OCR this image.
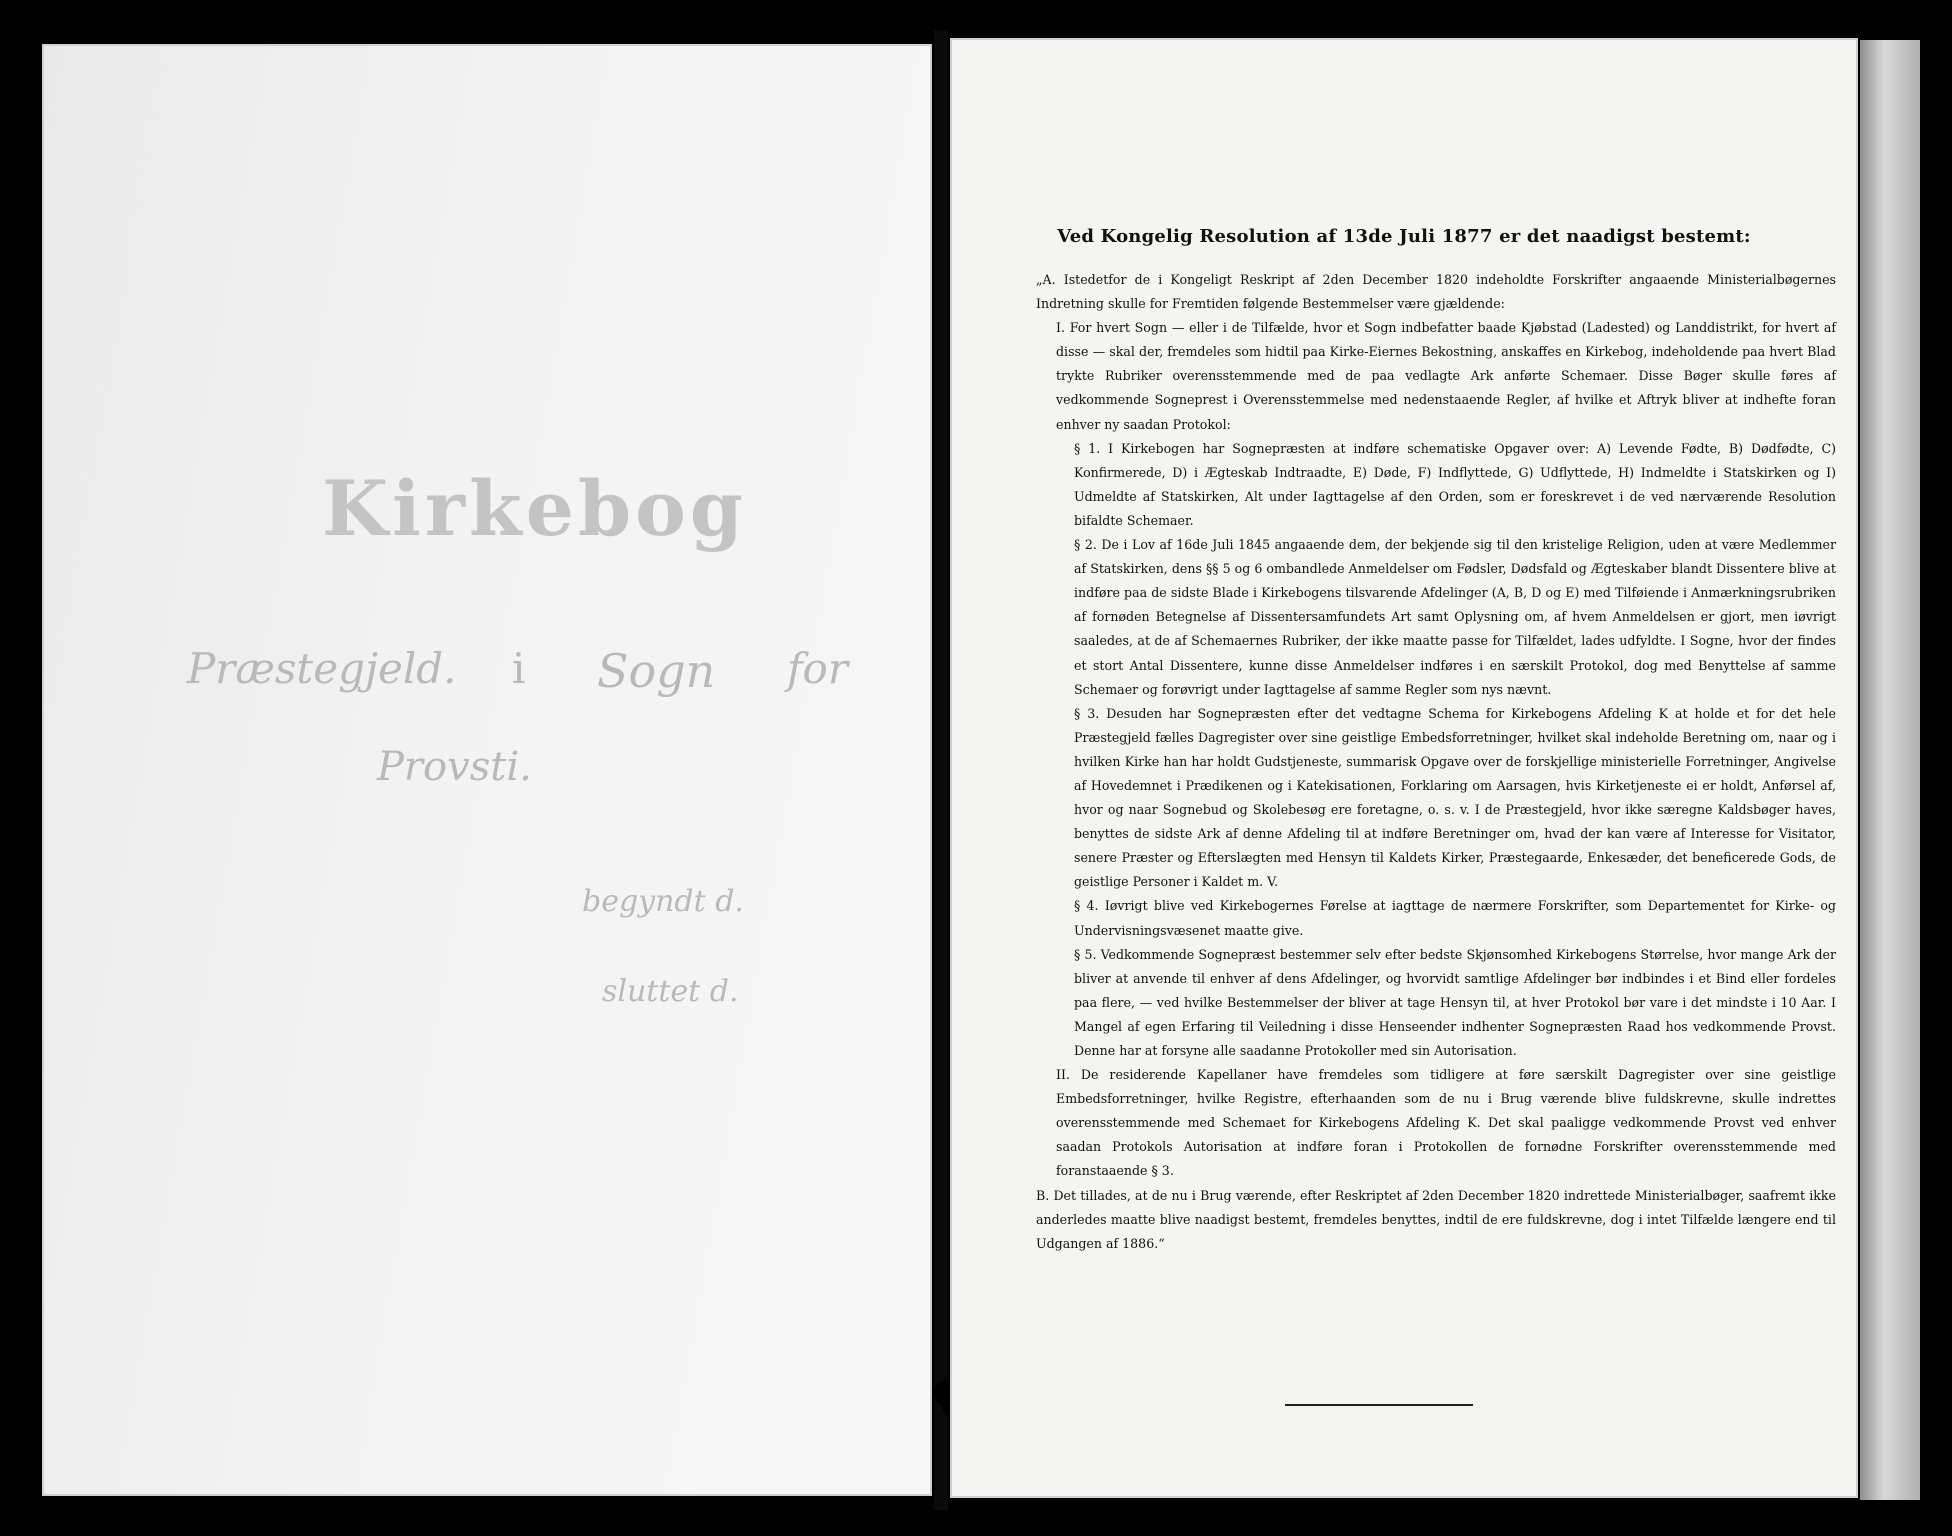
Kirkebog
Præstegjeld. i Sogn for
Provsti.
begyndt d.
sluttet d.
Ved Kongelig Resolution af 13de Juli 1877 er det naadigst bestemt:

„A. Istedetfor de i Kongeligt Reskript af 2den December 1820 indeholdte Forskrifter angaaende Ministerialbøgernes Indretning skulle for Fremtiden følgende Bestemmelser være gjældende:

I. For hvert Sogn — eller i de Tilfælde, hvor et Sogn indbefatter baade Kjøbstad (Ladested) og Landdistrikt, for hvert af disse — skal der, fremdeles som hidtil paa Kirke-Eiernes Bekostning, anskaffes en Kirkebog, indeholdende paa hvert Blad trykte Rubriker overensstemmende med de paa vedlagte Ark anførte Schemaer. Disse Bøger skulle føres af vedkommende Sogneprest i Overensstemmelse med nedenstaaende Regler, af hvilke et Aftryk bliver at indhefte foran enhver ny saadan Protokol:

§ 1. I Kirkebogen har Sognepræsten at indføre schematiske Opgaver over: A) Levende Fødte, B) Dødfødte, C) Konfirmerede, D) i Ægteskab Indtraadte, E) Døde, F) Indflyttede, G) Udflyttede, H) Indmeldte i Statskirken og I) Udmeldte af Statskirken, Alt under Iagttagelse af den Orden, som er foreskrevet i de ved nærværende Resolution bifaldte Schemaer.

§ 2. De i Lov af 16de Juli 1845 angaaende dem, der bekjende sig til den kristelige Religion, uden at være Medlemmer af Statskirken, dens §§ 5 og 6 ombandlede Anmeldelser om Fødsler, Dødsfald og Ægteskaber blandt Dissentere blive at indføre paa de sidste Blade i Kirkebogens tilsvarende Afdelinger (A, B, D og E) med Tilføiende i Anmærkningsrubriken af fornøden Betegnelse af Dissentersamfundets Art samt Oplysning om, af hvem Anmeldelsen er gjort, men iøvrigt saaledes, at de af Schemaernes Rubriker, der ikke maatte passe for Tilfældet, lades udfyldte. I Sogne, hvor der findes et stort Antal Dissentere, kunne disse Anmeldelser indføres i en særskilt Protokol, dog med Benyttelse af samme Schemaer og forøvrigt under Iagttagelse af samme Regler som nys nævnt.

§ 3. Desuden har Sognepræsten efter det vedtagne Schema for Kirkebogens Afdeling K at holde et for det hele Præstegjeld fælles Dagregister over sine geistlige Embedsforretninger, hvilket skal indeholde Beretning om, naar og i hvilken Kirke han har holdt Gudstjeneste, summarisk Opgave over de forskjellige ministerielle Forretninger, Angivelse af Hovedemnet i Prædikenen og i Katekisationen, Forklaring om Aarsagen, hvis Kirketjeneste ei er holdt, Anførsel af, hvor og naar Sognebud og Skolebesøg ere foretagne, o. s. v. I de Præstegjeld, hvor ikke særegne Kaldsbøger haves, benyttes de sidste Ark af denne Afdeling til at indføre Beretninger om, hvad der kan være af Interesse for Visitator, senere Præster og Efterslægten med Hensyn til Kaldets Kirker, Præstegaarde, Enkesæder, det beneficerede Gods, de geistlige Personer i Kaldet m. V.

§ 4. Iøvrigt blive ved Kirkebogernes Førelse at iagttage de nærmere Forskrifter, som Departementet for Kirke- og Undervisningsvæsenet maatte give.

§ 5. Vedkommende Sognepræst bestemmer selv efter bedste Skjønsomhed Kirkebogens Størrelse, hvor mange Ark der bliver at anvende til enhver af dens Afdelinger, og hvorvidt samtlige Afdelinger bør indbindes i et Bind eller fordeles paa flere, — ved hvilke Bestemmelser der bliver at tage Hensyn til, at hver Protokol bør vare i det mindste i 10 Aar. I Mangel af egen Erfaring til Veiledning i disse Henseender indhenter Sognepræsten Raad hos vedkommende Provst. Denne har at forsyne alle saadanne Protokoller med sin Autorisation.

II. De residerende Kapellaner have fremdeles som tidligere at føre særskilt Dagregister over sine geistlige Embedsforretninger, hvilke Registre, efterhaanden som de nu i Brug værende blive fuldskrevne, skulle indrettes overensstemmende med Schemaet for Kirkebogens Afdeling K. Det skal paaligge vedkommende Provst ved enhver saadan Protokols Autorisation at indføre foran i Protokollen de fornødne Forskrifter overensstemmende med foranstaaende § 3.

B. Det tillades, at de nu i Brug værende, efter Reskriptet af 2den December 1820 indrettede Ministerialbøger, saafremt ikke anderledes maatte blive naadigst bestemt, fremdeles benyttes, indtil de ere fuldskrevne, dog i intet Tilfælde længere end til Udgangen af 1886.“
